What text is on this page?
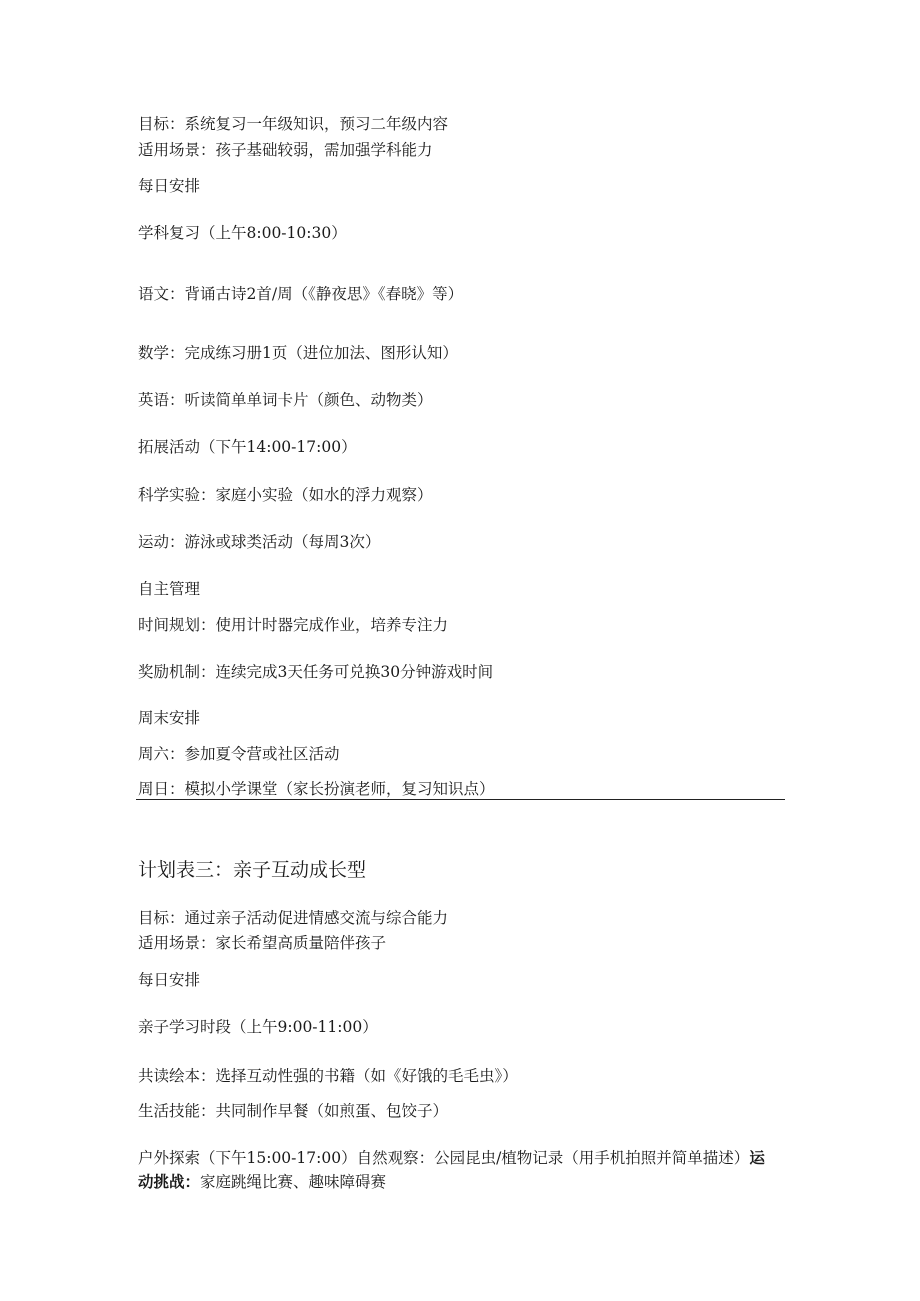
目标：系统复习一年级知识，预习二年级内容

适用场景：孩子基础较弱，需加强学科能力

每日安排

学科复习（上午8:00-10:30）

语文：背诵古诗2首/周（《静夜思》《春晓》等）

数学：完成练习册1页（进位加法、图形认知）

英语：听读简单单词卡片（颜色、动物类）

拓展活动（下午14:00-17:00）

科学实验：家庭小实验（如水的浮力观察）

运动：游泳或球类活动（每周3次）

自主管理

时间规划：使用计时器完成作业，培养专注力

奖励机制：连续完成3天任务可兑换30分钟游戏时间

周末安排

周六：参加夏令营或社区活动

周日：模拟小学课堂（家长扮演老师，复习知识点）

计划表三：亲子互动成长型

目标：通过亲子活动促进情感交流与综合能力

适用场景：家长希望高质量陪伴孩子

每日安排

亲子学习时段（上午9:00-11:00）

共读绘本：选择互动性强的书籍（如《好饿的毛毛虫》）

生活技能：共同制作早餐（如煎蛋、包饺子）

户外探索（下午15:00-17:00）自然观察：公园昆虫/植物记录（用手机拍照并简单描述）运动挑战：家庭跳绳比赛、趣味障碍赛
